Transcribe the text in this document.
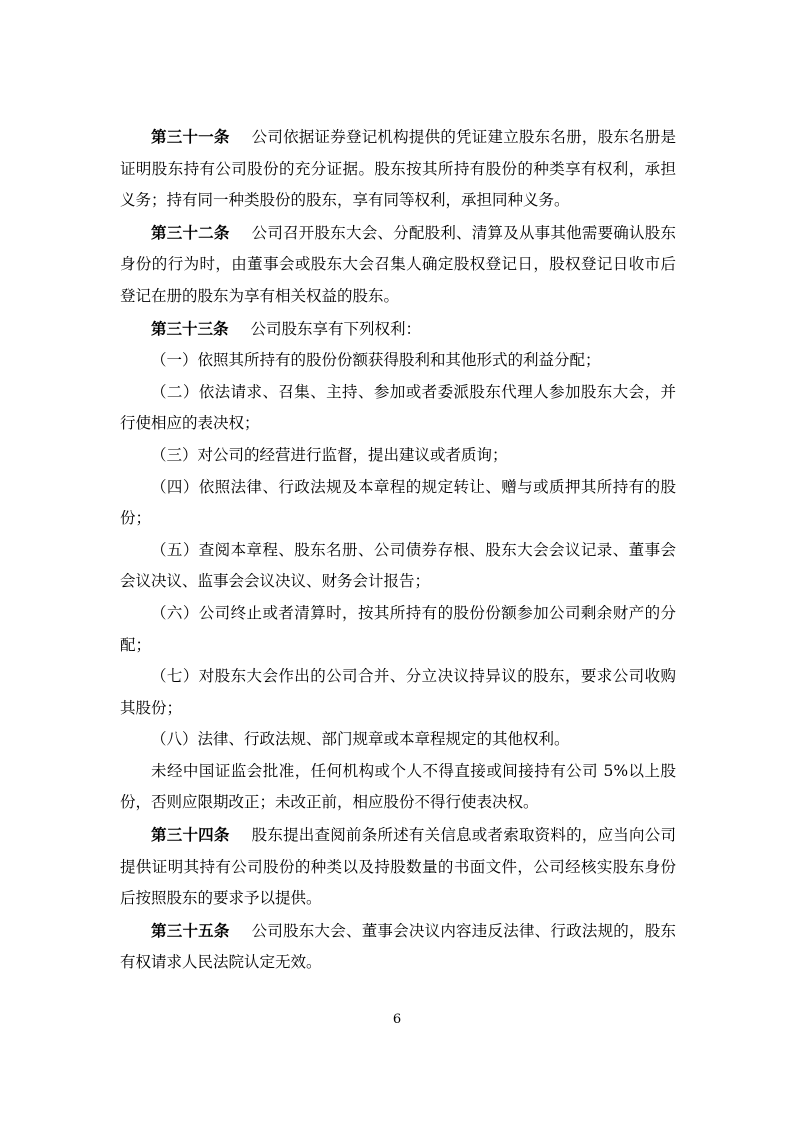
第三十一条 公司依据证券登记机构提供的凭证建立股东名册，股东名册是证明股东持有公司股份的充分证据。股东按其所持有股份的种类享有权利，承担义务；持有同一种类股份的股东，享有同等权利，承担同种义务。

第三十二条 公司召开股东大会、分配股利、清算及从事其他需要确认股东身份的行为时，由董事会或股东大会召集人确定股权登记日，股权登记日收市后登记在册的股东为享有相关权益的股东。

第三十三条 公司股东享有下列权利：

（一）依照其所持有的股份份额获得股利和其他形式的利益分配；

（二）依法请求、召集、主持、参加或者委派股东代理人参加股东大会，并行使相应的表决权；

（三）对公司的经营进行监督，提出建议或者质询；

（四）依照法律、行政法规及本章程的规定转让、赠与或质押其所持有的股份；

（五）查阅本章程、股东名册、公司债券存根、股东大会会议记录、董事会会议决议、监事会会议决议、财务会计报告；

（六）公司终止或者清算时，按其所持有的股份份额参加公司剩余财产的分配；

（七）对股东大会作出的公司合并、分立决议持异议的股东，要求公司收购其股份；

（八）法律、行政法规、部门规章或本章程规定的其他权利。

未经中国证监会批准，任何机构或个人不得直接或间接持有公司 5%以上股份，否则应限期改正；未改正前，相应股份不得行使表决权。

第三十四条 股东提出查阅前条所述有关信息或者索取资料的，应当向公司提供证明其持有公司股份的种类以及持股数量的书面文件，公司经核实股东身份后按照股东的要求予以提供。

第三十五条 公司股东大会、董事会决议内容违反法律、行政法规的，股东有权请求人民法院认定无效。

6
